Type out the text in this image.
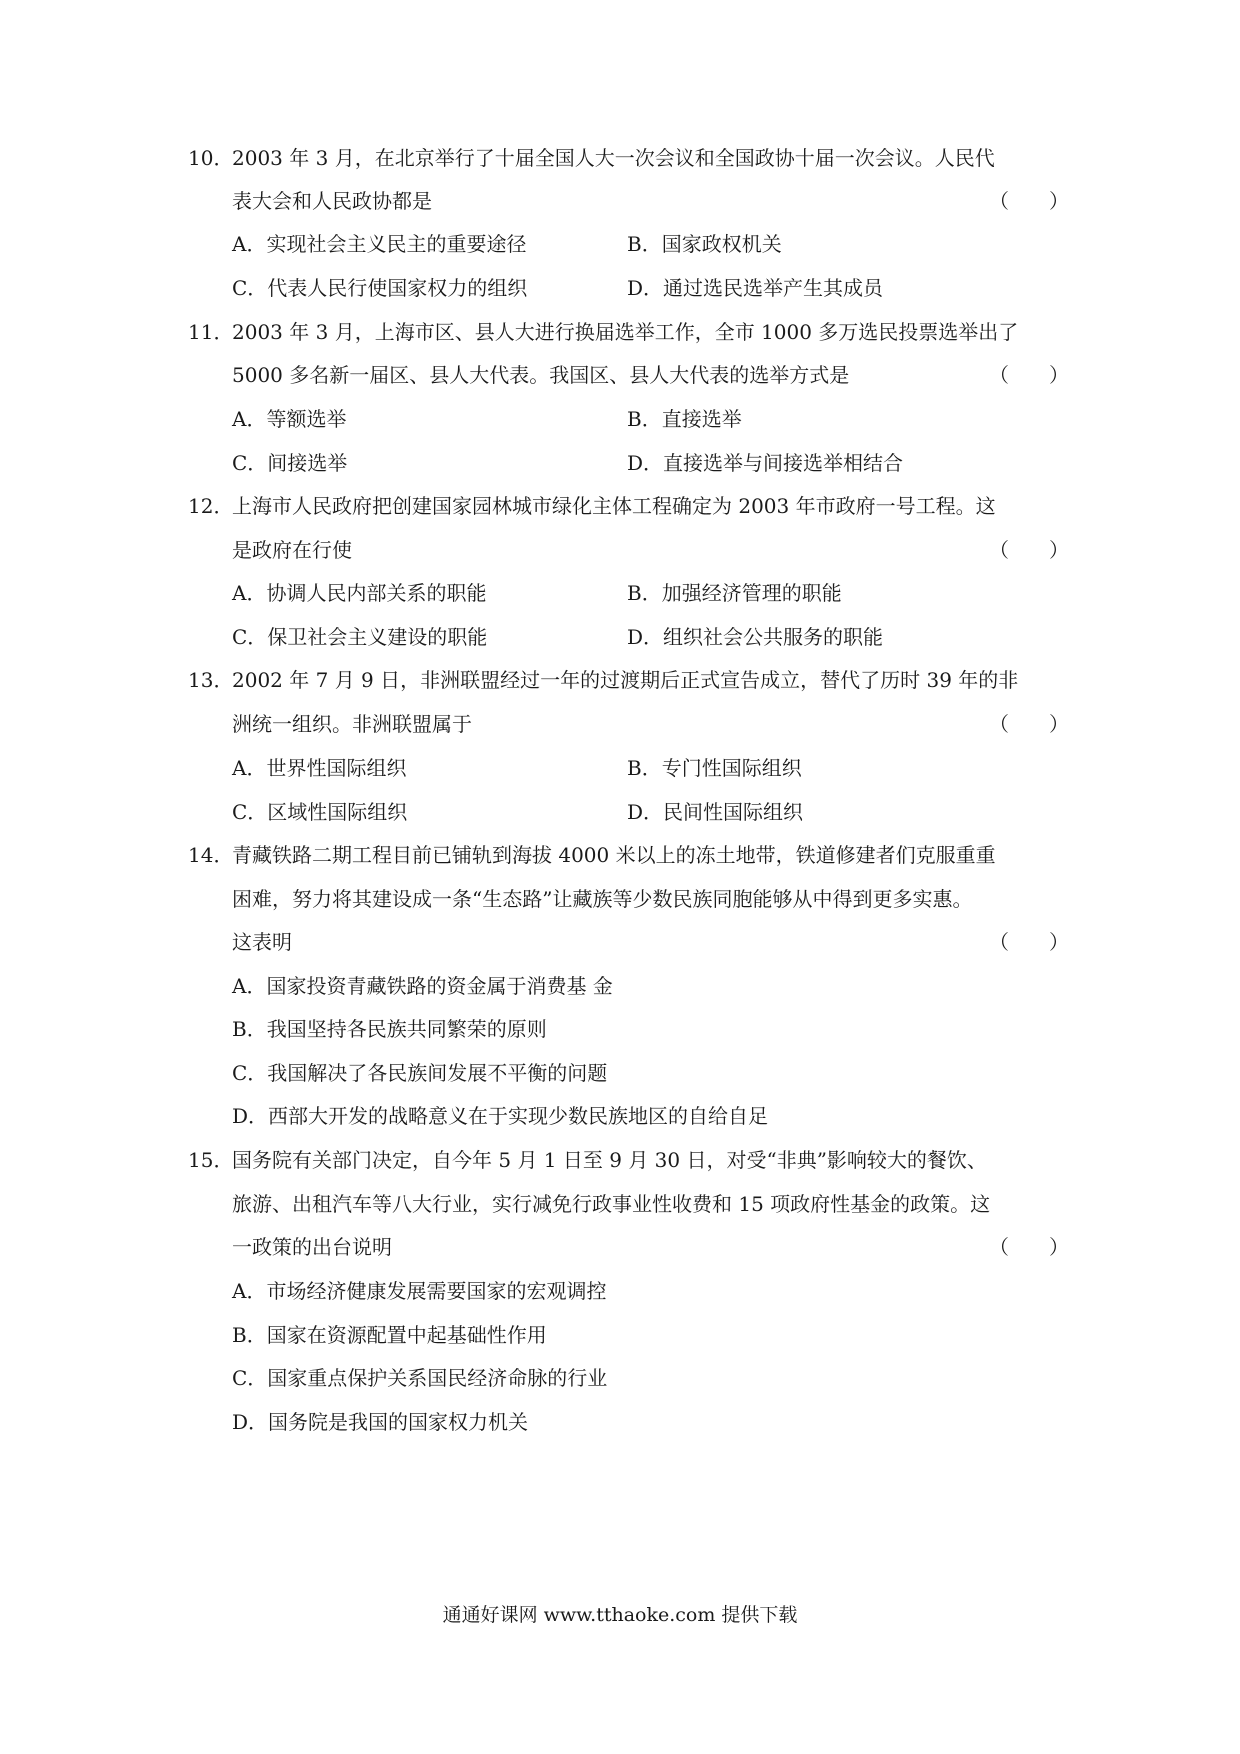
10．
2003 年 3 月，在北京举行了十届全国人大一次会议和全国政协十届一次会议。人民代
表大会和人民政协都是	（　　）
A．实现社会主义民主的重要途径	B．国家政权机关
C．代表人民行使国家权力的组织	D．通过选民选举产生其成员
11．
2003 年 3 月，上海市区、县人大进行换届选举工作，全市 1000 多万选民投票选举出了
5000 多名新一届区、县人大代表。我国区、县人大代表的选举方式是	（　　）
A．等额选举	B．直接选举
C．间接选举	D．直接选举与间接选举相结合
12．
上海市人民政府把创建国家园林城市绿化主体工程确定为 2003 年市政府一号工程。这
是政府在行使	（　　）
A．协调人民内部关系的职能	B．加强经济管理的职能
C．保卫社会主义建设的职能	D．组织社会公共服务的职能
13．
2002 年 7 月 9 日，非洲联盟经过一年的过渡期后正式宣告成立，替代了历时 39 年的非
洲统一组织。非洲联盟属于	（　　）
A．世界性国际组织	B．专门性国际组织
C．区域性国际组织	D．民间性国际组织
14．
青藏铁路二期工程目前已铺轨到海拔 4000 米以上的冻土地带，铁道修建者们克服重重
困难，努力将其建设成一条“生态路”让藏族等少数民族同胞能够从中得到更多实惠。
这表明	（　　）
A．国家投资青藏铁路的资金属于消费基 金
B．我国坚持各民族共同繁荣的原则
C．我国解决了各民族间发展不平衡的问题
D．西部大开发的战略意义在于实现少数民族地区的自给自足
15．
国务院有关部门决定，自今年 5 月 1 日至 9 月 30 日，对受“非典”影响较大的餐饮、
旅游、出租汽车等八大行业，实行减免行政事业性收费和 15 项政府性基金的政策。这
一政策的出台说明	（　　）
A．市场经济健康发展需要国家的宏观调控
B．国家在资源配置中起基础性作用
C．国家重点保护关系国民经济命脉的行业
D．国务院是我国的国家权力机关
通通好课网 www.tthaoke.com 提供下载
